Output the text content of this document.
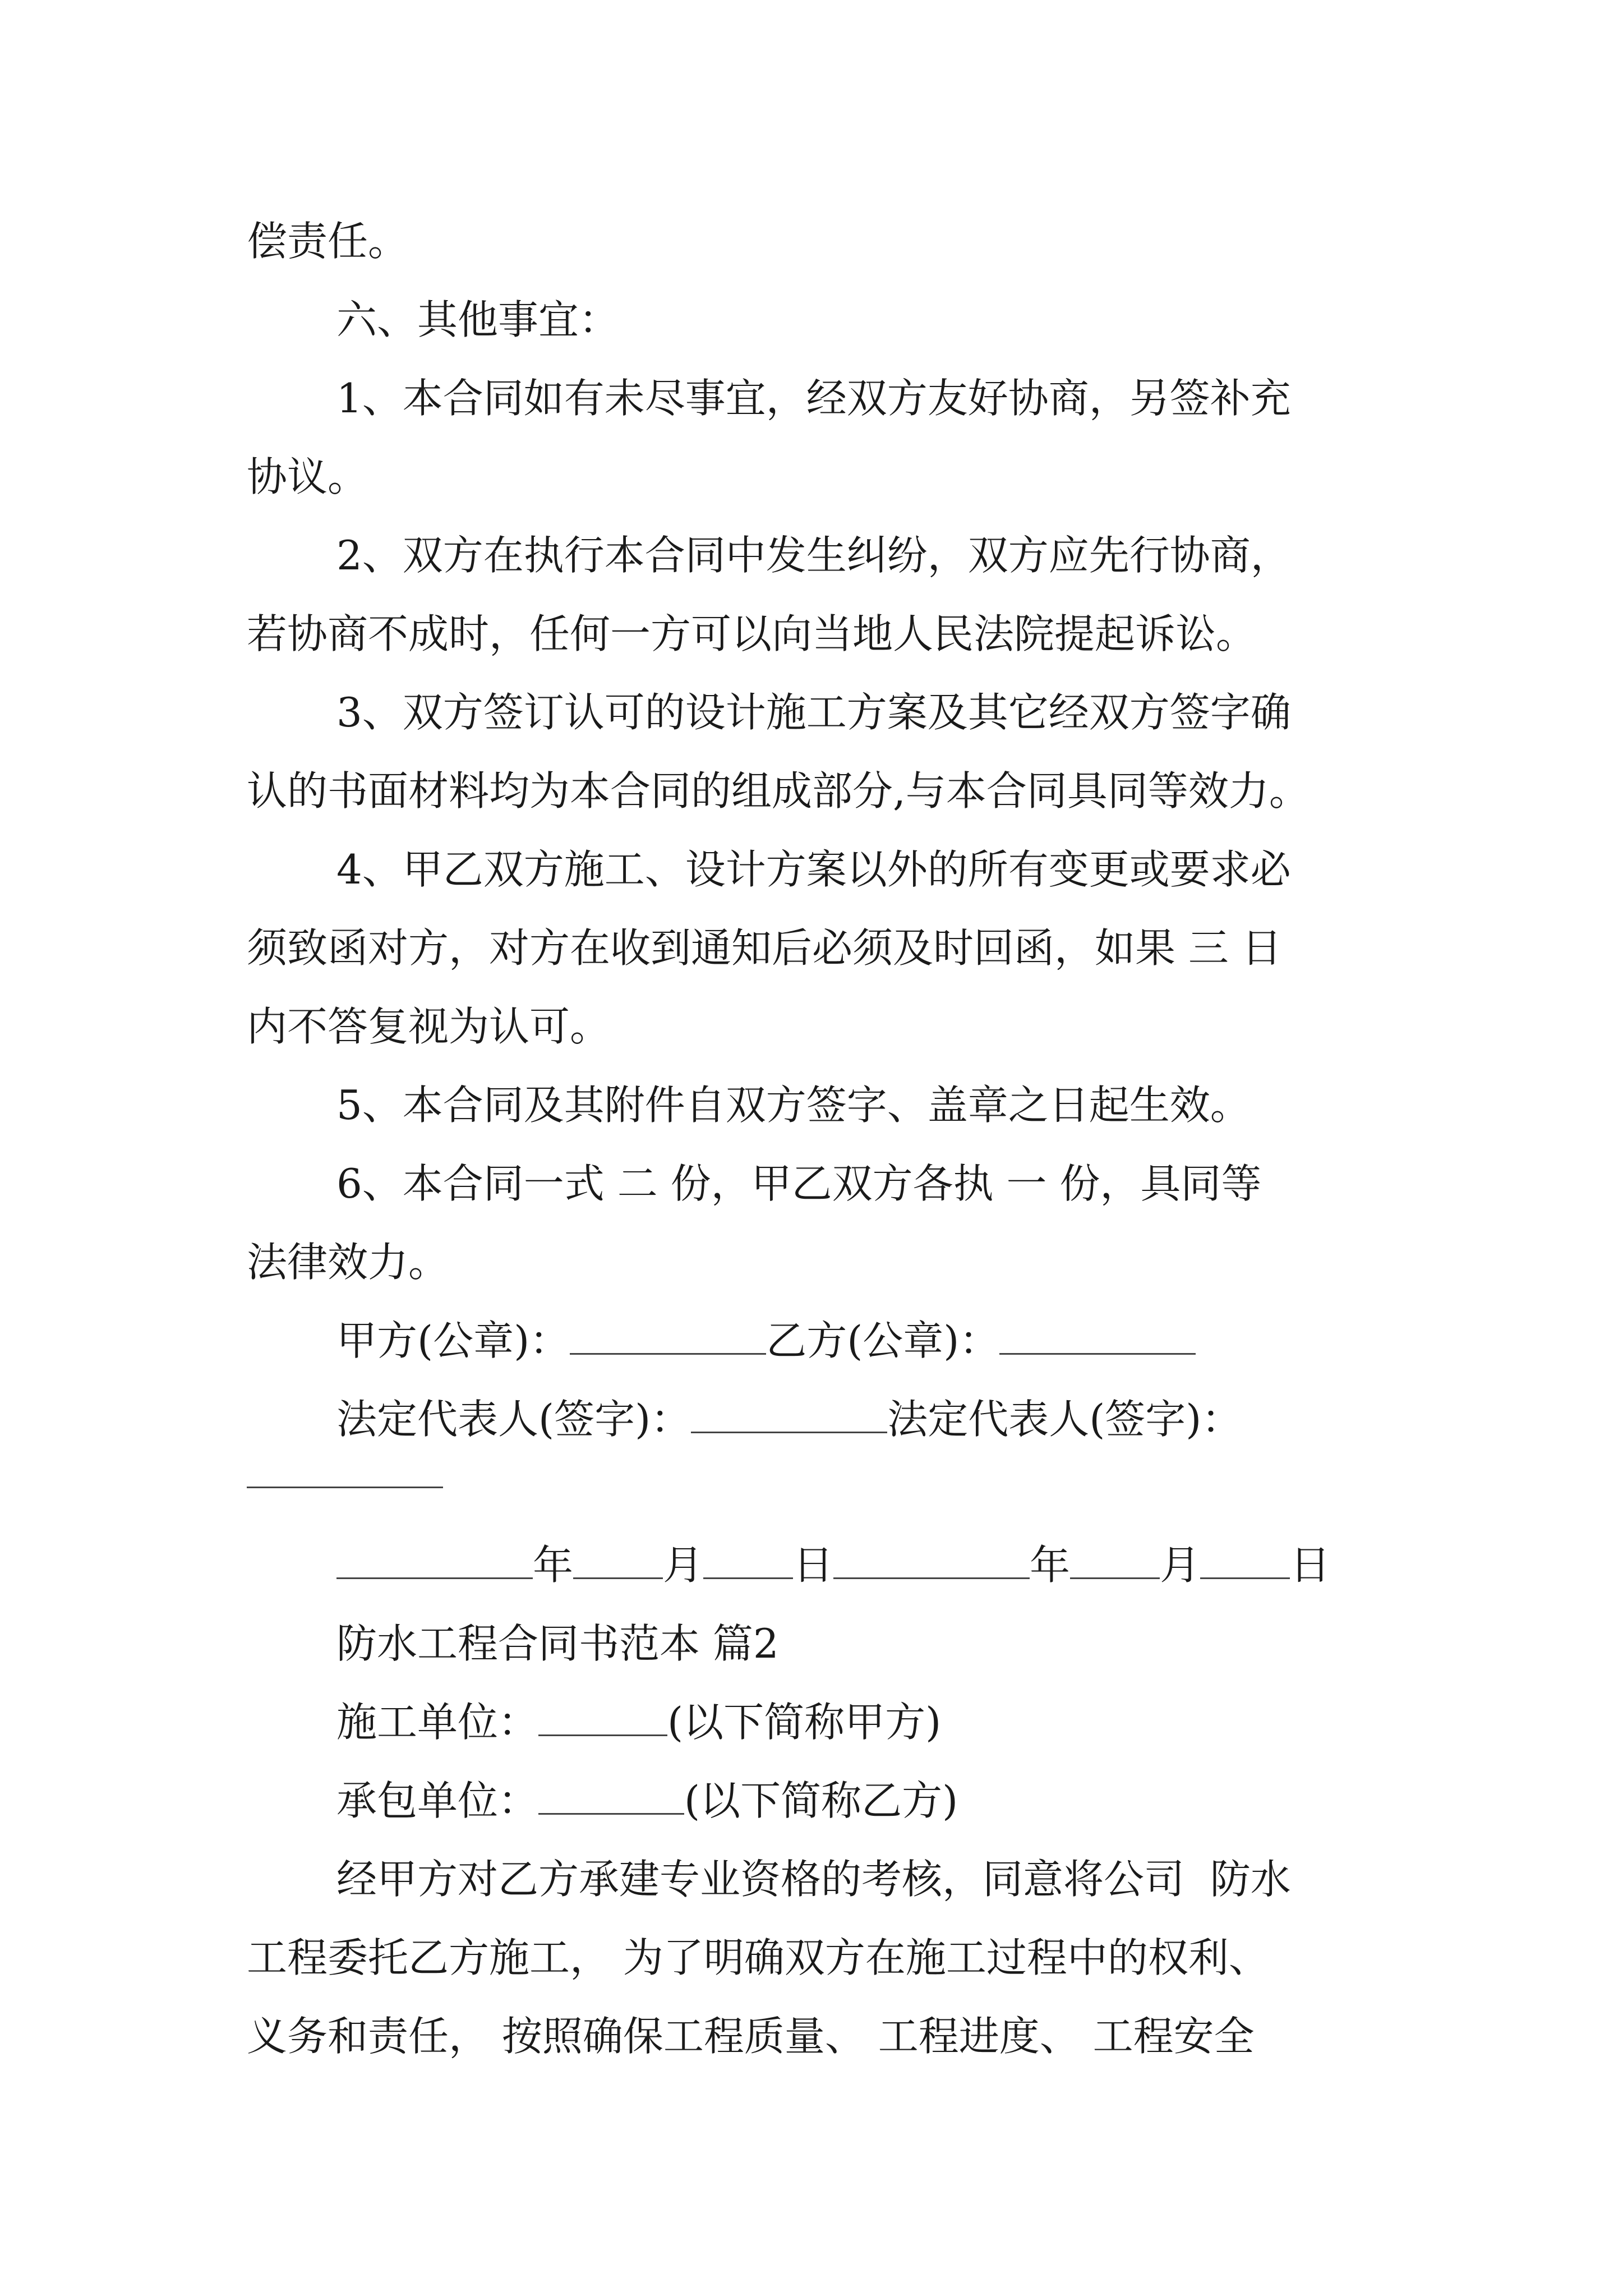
偿责任。
六、其他事宜：
1、本合同如有未尽事宜，经双方友好协商，另签补充
协议。
2、双方在执行本合同中发生纠纷，双方应先行协商，
若协商不成时，任何一方可以向当地人民法院提起诉讼。
3、双方签订认可的设计施工方案及其它经双方签字确
认的书面材料均为本合同的组成部分,与本合同具同等效力。
4、甲乙双方施工、设计方案以外的所有变更或要求必
须致函对方，对方在收到通知后必须及时回函，如果 三 日
内不答复视为认可。
5、本合同及其附件自双方签字、盖章之日起生效。
6、本合同一式 二 份，甲乙双方各执 一 份，具同等
法律效力。
甲方(公章)：	乙方(公章)：
法定代表人(签字)：	法定代表人(签字)：
年 月 日	年 月 日
防水工程合同书范本 篇2
施工单位：	(以下简称甲方)
承包单位：	(以下简称乙方)
经甲方对乙方承建专业资格的考核，同意将公司  防水
工程委托乙方施工， 为了明确双方在施工过程中的权利、
义务和责任， 按照确保工程质量、 工程进度、 工程安全
